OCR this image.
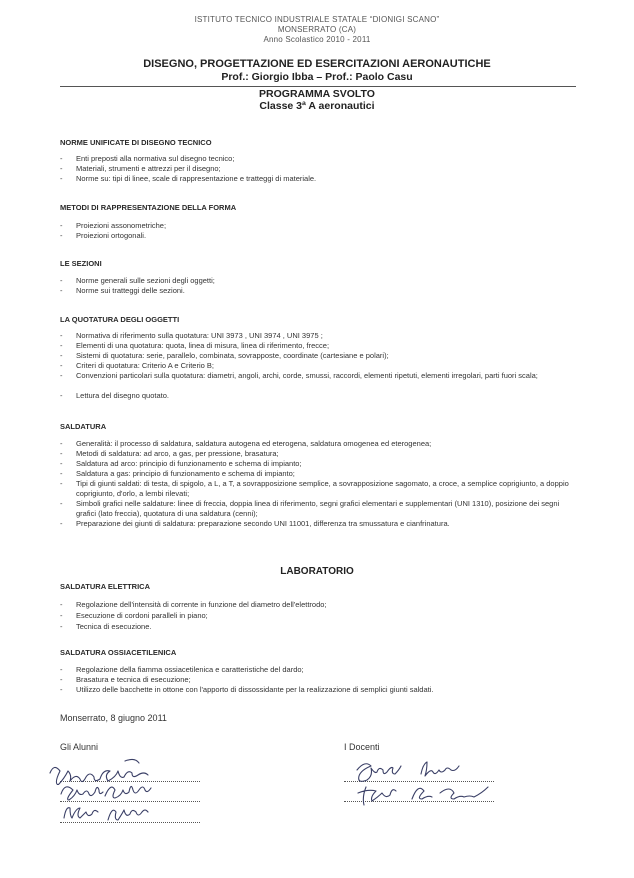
ISTITUTO TECNICO INDUSTRIALE STATALE “DIONIGI SCANO”
MONSERRATO (CA)
Anno Scolastico 2010 - 2011
DISEGNO, PROGETTAZIONE ED ESERCITAZIONI AERONAUTICHE
Prof.: Giorgio Ibba – Prof.: Paolo Casu
PROGRAMMA SVOLTO
Classe 3ª A aeronautici
NORME UNIFICATE DI DISEGNO TECNICO
- Enti preposti alla normativa sul disegno tecnico;
- Materiali, strumenti e attrezzi per il disegno;
- Norme su: tipi di linee, scale di rappresentazione e tratteggi di materiale.
METODI DI RAPPRESENTAZIONE DELLA FORMA
- Proiezioni assonometriche;
- Proiezioni ortogonali.
LE SEZIONI
- Norme generali sulle sezioni degli oggetti;
- Norme sui tratteggi delle sezioni.
LA QUOTATURA DEGLI OGGETTI
- Normativa di riferimento sulla quotatura: UNI 3973 , UNI 3974 , UNI 3975 ;
- Elementi di una quotatura: quota, linea di misura, linea di riferimento, frecce;
- Sistemi di quotatura: serie, parallelo, combinata, sovrapposte, coordinate (cartesiane e polari);
- Criteri di quotatura: Criterio A e Criterio B;
- Convenzioni particolari sulla quotatura: diametri, angoli, archi, corde, smussi, raccordi, elementi ripetuti, elementi irregolari, parti fuori scala;
- Lettura del disegno quotato.
SALDATURA
- Generalità: il processo di saldatura, saldatura autogena ed eterogena, saldatura omogenea ed eterogenea;
- Metodi di saldatura: ad arco, a gas, per pressione, brasatura;
- Saldatura ad arco: principio di funzionamento e schema di impianto;
- Saldatura a gas: principio di funzionamento e schema di impianto;
- Tipi di giunti saldati: di testa, di spigolo, a L, a T, a sovrapposizione semplice, a sovrapposizione sagomato, a croce, a semplice coprigiunto, a doppio coprigiunto, d'orlo, a lembi rilevati;
- Simboli grafici nelle saldature: linee di freccia, doppia linea di riferimento, segni grafici elementari e supplementari (UNI 1310), posizione dei segni grafici (lato freccia), quotatura di una saldatura (cenni);
- Preparazione dei giunti di saldatura: preparazione secondo UNI 11001, differenza tra smussatura e cianfrinatura.
LABORATORIO
SALDATURA ELETTRICA
- Regolazione dell'intensità di corrente in funzione del diametro dell'elettrodo;
- Esecuzione di cordoni paralleli in piano;
- Tecnica di esecuzione.
SALDATURA OSSIACETILENICA
- Regolazione della fiamma ossiacetilenica e caratteristiche del dardo;
- Brasatura e tecnica di esecuzione;
- Utilizzo delle bacchette in ottone con l'apporto di dissossidante per la realizzazione di semplici giunti saldati.
Monserrato, 8 giugno 2011
Gli Alunni	I Docenti
